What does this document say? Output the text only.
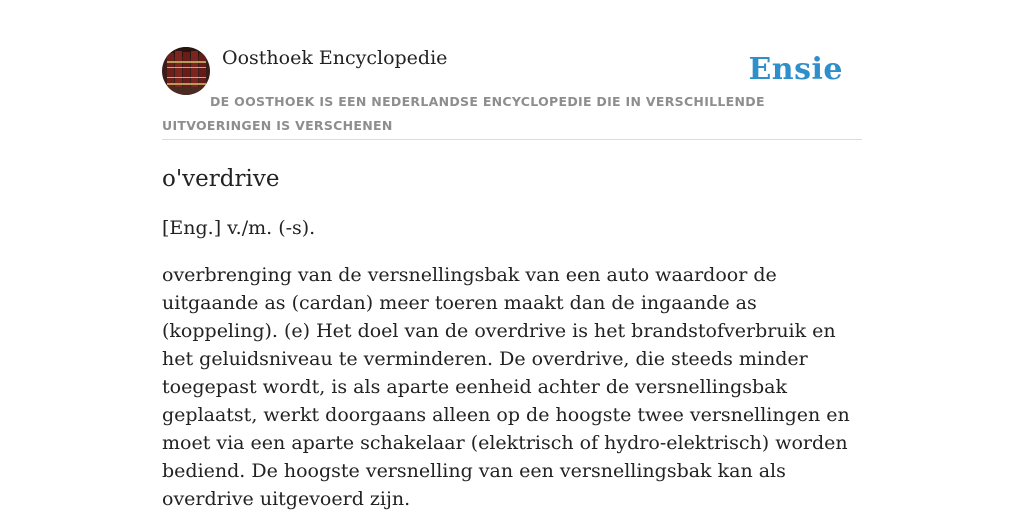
Oosthoek Encyclopedie	Ensie
DE OOSTHOEK IS EEN NEDERLANDSE ENCYCLOPEDIE DIE IN VERSCHILLENDE UITVOERINGEN IS VERSCHENEN
o'verdrive

[Eng.] v./m. (-s).

overbrenging van de versnellingsbak van een auto waardoor de uitgaande as (cardan) meer toeren maakt dan de ingaande as (koppeling). (e) Het doel van de overdrive is het brandstofverbruik en het geluidsniveau te verminderen. De overdrive, die steeds minder toegepast wordt, is als aparte eenheid achter de versnellingsbak geplaatst, werkt doorgaans alleen op de hoogste twee versnellingen en moet via een aparte schakelaar (elektrisch of hydro-elektrisch) worden bediend. De hoogste versnelling van een versnellingsbak kan als overdrive uitgevoerd zijn.
